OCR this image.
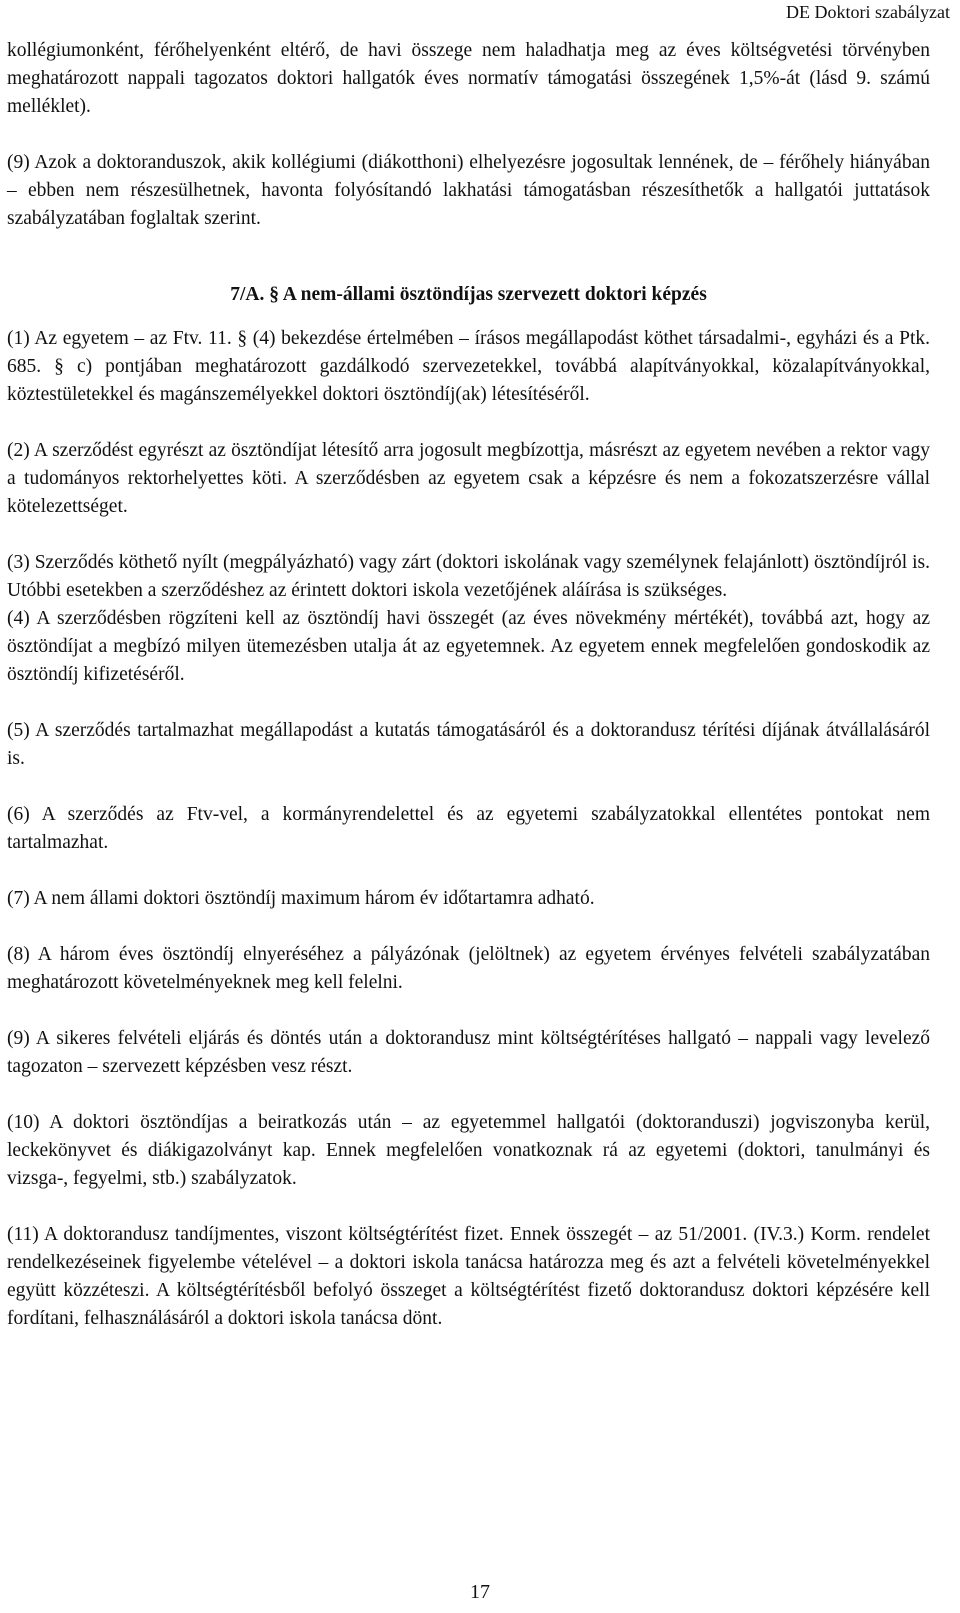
DE Doktori szabályzat

kollégiumonként, férőhelyenként eltérő, de havi összege nem haladhatja meg az éves költségvetési törvényben meghatározott nappali tagozatos doktori hallgatók éves normatív támogatási összegének 1,5%-át (lásd 9. számú melléklet).

(9) Azok a doktoranduszok, akik kollégiumi (diákotthoni) elhelyezésre jogosultak lennének, de – férőhely hiányában – ebben nem részesülhetnek, havonta folyósítandó lakhatási támogatásban részesíthetők a hallgatói juttatások szabályzatában foglaltak szerint.

7/A. § A nem-állami ösztöndíjas szervezett doktori képzés

(1) Az egyetem – az Ftv. 11. § (4) bekezdése értelmében – írásos megállapodást köthet társadalmi-, egyházi és a Ptk. 685. § c) pontjában meghatározott gazdálkodó szervezetekkel, továbbá alapítványokkal, közalapítványokkal, köztestületekkel és magánszemélyekkel doktori ösztöndíj(ak) létesítéséről.

(2) A szerződést egyrészt az ösztöndíjat létesítő arra jogosult megbízottja, másrészt az egyetem nevében a rektor vagy a tudományos rektorhelyettes köti. A szerződésben az egyetem csak a képzésre és nem a fokozatszerzésre vállal kötelezettséget.

(3) Szerződés köthető nyílt (megpályázható) vagy zárt (doktori iskolának vagy személynek felajánlott) ösztöndíjról is. Utóbbi esetekben a szerződéshez az érintett doktori iskola vezetőjének aláírása is szükséges.

(4) A szerződésben rögzíteni kell az ösztöndíj havi összegét (az éves növekmény mértékét), továbbá azt, hogy az ösztöndíjat a megbízó milyen ütemezésben utalja át az egyetemnek. Az egyetem ennek megfelelően gondoskodik az ösztöndíj kifizetéséről.

(5) A szerződés tartalmazhat megállapodást a kutatás támogatásáról és a doktorandusz térítési díjának átvállalásáról is.

(6) A szerződés az Ftv-vel, a kormányrendelettel és az egyetemi szabályzatokkal ellentétes pontokat nem tartalmazhat.

(7) A nem állami doktori ösztöndíj maximum három év időtartamra adható.

(8) A három éves ösztöndíj elnyeréséhez a pályázónak (jelöltnek) az egyetem érvényes felvételi szabályzatában meghatározott követelményeknek meg kell felelni.

(9) A sikeres felvételi eljárás és döntés után a doktorandusz mint költségtérítéses hallgató – nappali vagy levelező tagozaton – szervezett képzésben vesz részt.

(10) A doktori ösztöndíjas a beiratkozás után – az egyetemmel hallgatói (doktoranduszi) jogviszonyba kerül, leckekönyvet és diákigazolványt kap. Ennek megfelelően vonatkoznak rá az egyetemi (doktori, tanulmányi és vizsga-, fegyelmi, stb.) szabályzatok.

(11) A doktorandusz tandíjmentes, viszont költségtérítést fizet. Ennek összegét – az 51/2001. (IV.3.) Korm. rendelet rendelkezéseinek figyelembe vételével – a doktori iskola tanácsa határozza meg és azt a felvételi követelményekkel együtt közzéteszi. A költségtérítésből befolyó összeget a költségtérítést fizető doktorandusz doktori képzésére kell fordítani, felhasználásáról a doktori iskola tanácsa dönt.

17
